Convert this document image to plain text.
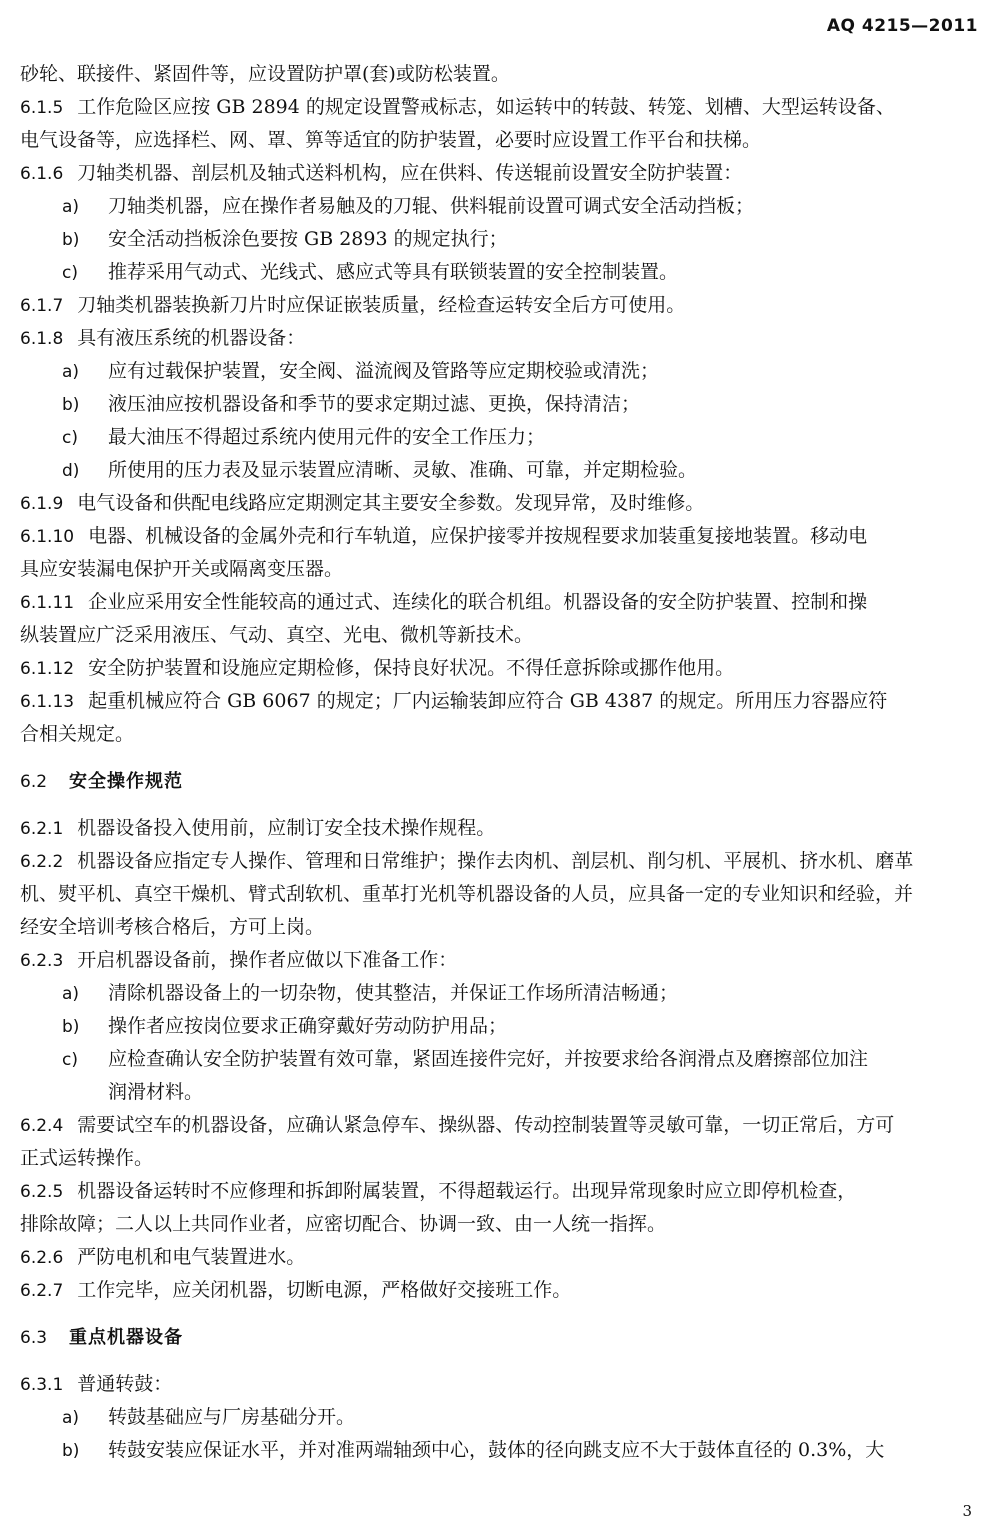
AQ 4215—2011
砂轮、联接件、紧固件等，应设置防护罩(套)或防松装置。
6.1.5 工作危险区应按 GB 2894 的规定设置警戒标志，如运转中的转鼓、转笼、划槽、大型运转设备、
电气设备等，应选择栏、网、罩、箅等适宜的防护装置，必要时应设置工作平台和扶梯。
6.1.6 刀轴类机器、剖层机及轴式送料机构，应在供料、传送辊前设置安全防护装置：
a) 刀轴类机器，应在操作者易触及的刀辊、供料辊前设置可调式安全活动挡板；
b) 安全活动挡板涂色要按 GB 2893 的规定执行；
c) 推荐采用气动式、光线式、感应式等具有联锁装置的安全控制装置。
6.1.7 刀轴类机器装换新刀片时应保证嵌装质量，经检查运转安全后方可使用。
6.1.8 具有液压系统的机器设备：
a) 应有过载保护装置，安全阀、溢流阀及管路等应定期校验或清洗；
b) 液压油应按机器设备和季节的要求定期过滤、更换，保持清洁；
c) 最大油压不得超过系统内使用元件的安全工作压力；
d) 所使用的压力表及显示装置应清晰、灵敏、准确、可靠，并定期检验。
6.1.9 电气设备和供配电线路应定期测定其主要安全参数。发现异常，及时维修。
6.1.10 电器、机械设备的金属外壳和行车轨道，应保护接零并按规程要求加装重复接地装置。移动电
具应安装漏电保护开关或隔离变压器。
6.1.11 企业应采用安全性能较高的通过式、连续化的联合机组。机器设备的安全防护装置、控制和操
纵装置应广泛采用液压、气动、真空、光电、微机等新技术。
6.1.12 安全防护装置和设施应定期检修，保持良好状况。不得任意拆除或挪作他用。
6.1.13 起重机械应符合 GB 6067 的规定；厂内运输装卸应符合 GB 4387 的规定。所用压力容器应符
合相关规定。
6.2 安全操作规范
6.2.1 机器设备投入使用前，应制订安全技术操作规程。
6.2.2 机器设备应指定专人操作、管理和日常维护；操作去肉机、剖层机、削匀机、平展机、挤水机、磨革
机、熨平机、真空干燥机、臂式刮软机、重革打光机等机器设备的人员，应具备一定的专业知识和经验，并
经安全培训考核合格后，方可上岗。
6.2.3 开启机器设备前，操作者应做以下准备工作：
a) 清除机器设备上的一切杂物，使其整洁，并保证工作场所清洁畅通；
b) 操作者应按岗位要求正确穿戴好劳动防护用品；
c) 应检查确认安全防护装置有效可靠，紧固连接件完好，并按要求给各润滑点及磨擦部位加注
润滑材料。
6.2.4 需要试空车的机器设备，应确认紧急停车、操纵器、传动控制装置等灵敏可靠，一切正常后，方可
正式运转操作。
6.2.5 机器设备运转时不应修理和拆卸附属装置，不得超载运行。出现异常现象时应立即停机检查，
排除故障；二人以上共同作业者，应密切配合、协调一致、由一人统一指挥。
6.2.6 严防电机和电气装置进水。
6.2.7 工作完毕，应关闭机器，切断电源，严格做好交接班工作。
6.3 重点机器设备
6.3.1 普通转鼓：
a) 转鼓基础应与厂房基础分开。
b) 转鼓安装应保证水平，并对准两端轴颈中心，鼓体的径向跳支应不大于鼓体直径的 0.3%，大
3
